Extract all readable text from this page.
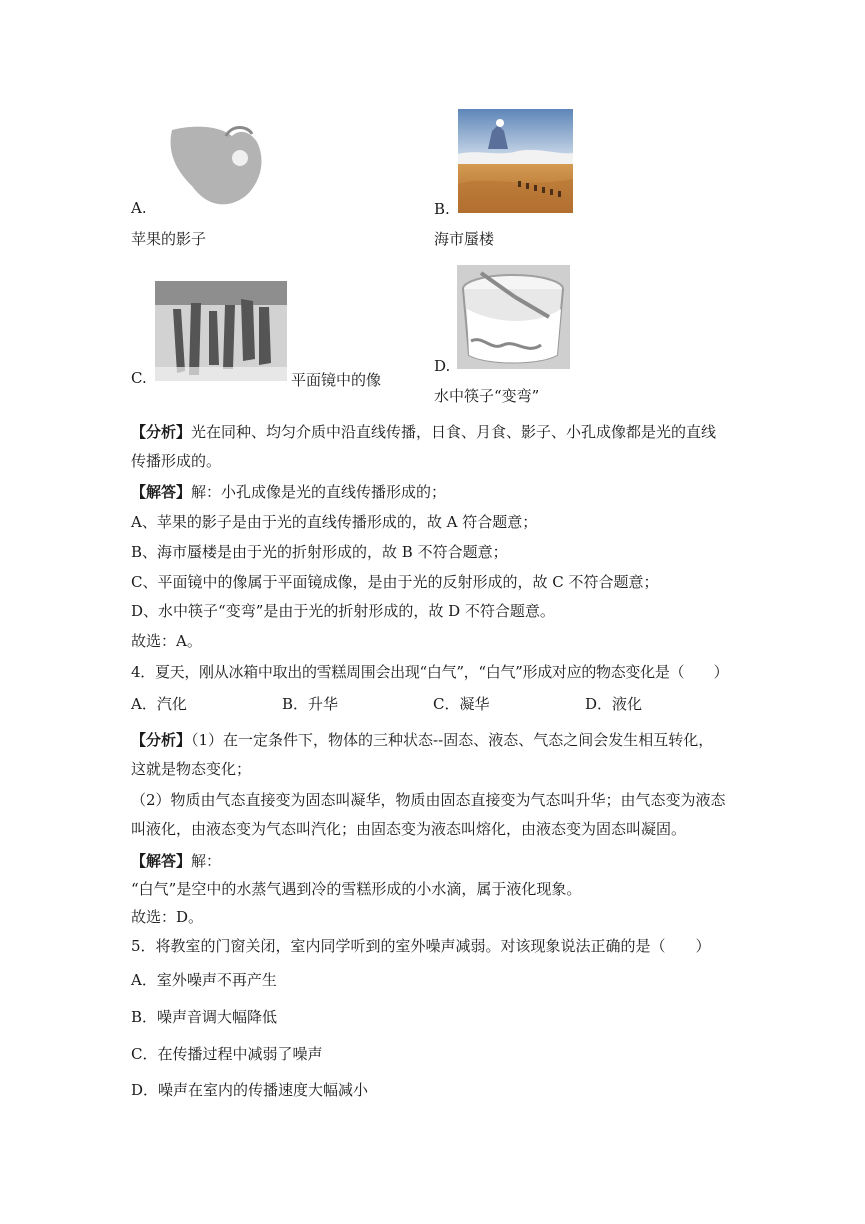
A.
苹果的影子
B.
海市蜃楼
C.	平面镜中的像
D.
水中筷子“变弯”
【分析】光在同种、均匀介质中沿直线传播，日食、月食、影子、小孔成像都是光的直线
传播形成的。
【解答】解：小孔成像是光的直线传播形成的；
A、苹果的影子是由于光的直线传播形成的，故 A 符合题意；
B、海市蜃楼是由于光的折射形成的，故 B 不符合题意；
C、平面镜中的像属于平面镜成像，是由于光的反射形成的，故 C 不符合题意；
D、水中筷子“变弯”是由于光的折射形成的，故 D 不符合题意。
故选：A。
4．夏天，刚从冰箱中取出的雪糕周围会出现“白气”，“白气”形成对应的物态变化是（　　）
A．汽化	B．升华	C．凝华	D．液化
【分析】（1）在一定条件下，物体的三种状态--固态、液态、气态之间会发生相互转化，
这就是物态变化；
（2）物质由气态直接变为固态叫凝华，物质由固态直接变为气态叫升华；由气态变为液态
叫液化，由液态变为气态叫汽化；由固态变为液态叫熔化，由液态变为固态叫凝固。
【解答】解：
“白气”是空中的水蒸气遇到冷的雪糕形成的小水滴，属于液化现象。
故选：D。
5．将教室的门窗关闭，室内同学听到的室外噪声减弱。对该现象说法正确的是（　　）
A．室外噪声不再产生
B．噪声音调大幅降低
C．在传播过程中减弱了噪声
D．噪声在室内的传播速度大幅减小
